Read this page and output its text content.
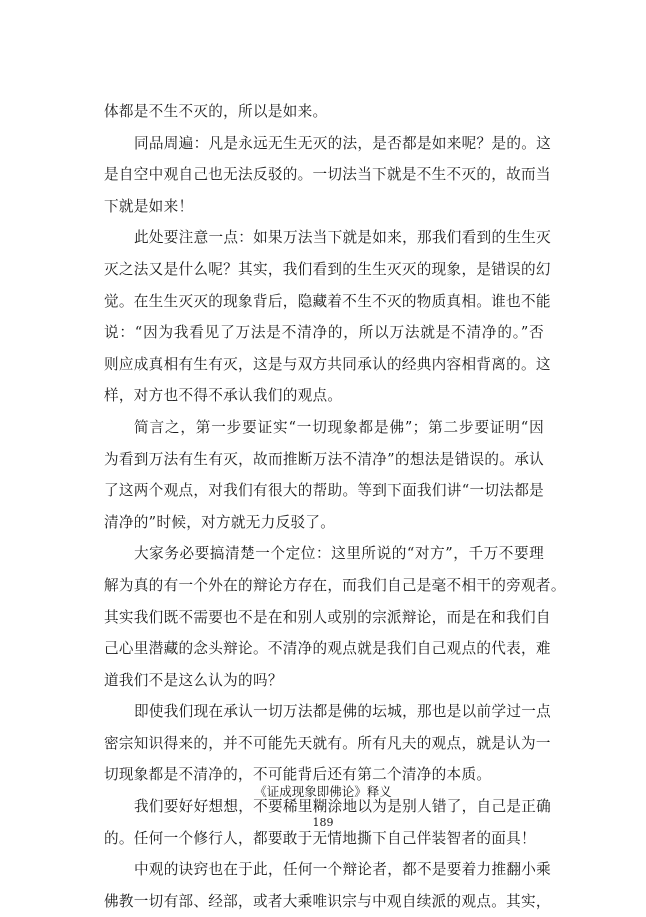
体都是不生不灭的，所以是如来。
同品周遍：凡是永远无生无灭的法，是否都是如来呢？是的。这
是自空中观自己也无法反驳的。一切法当下就是不生不灭的，故而当
下就是如来！
此处要注意一点：如果万法当下就是如来，那我们看到的生生灭
灭之法又是什么呢？其实，我们看到的生生灭灭的现象，是错误的幻
觉。在生生灭灭的现象背后，隐藏着不生不灭的物质真相。谁也不能
说：“因为我看见了万法是不清净的，所以万法就是不清净的。”否
则应成真相有生有灭，这是与双方共同承认的经典内容相背离的。这
样，对方也不得不承认我们的观点。
简言之，第一步要证实“一切现象都是佛”；第二步要证明“因
为看到万法有生有灭，故而推断万法不清净”的想法是错误的。承认
了这两个观点，对我们有很大的帮助。等到下面我们讲“一切法都是
清净的”时候，对方就无力反驳了。
大家务必要搞清楚一个定位：这里所说的“对方”，千万不要理
解为真的有一个外在的辩论方存在，而我们自己是毫不相干的旁观者。
其实我们既不需要也不是在和别人或别的宗派辩论，而是在和我们自
己心里潜藏的念头辩论。不清净的观点就是我们自己观点的代表，难
道我们不是这么认为的吗？
即使我们现在承认一切万法都是佛的坛城，那也是以前学过一点
密宗知识得来的，并不可能先天就有。所有凡夫的观点，就是认为一
切现象都是不清净的，不可能背后还有第二个清净的本质。
我们要好好想想，不要稀里糊涂地以为是别人错了，自己是正确
的。任何一个修行人，都要敢于无情地撕下自己伴装智者的面具！
中观的诀窍也在于此，任何一个辩论者，都不是要着力推翻小乘
佛教一切有部、经部，或者大乘唯识宗与中观自续派的观点。其实，
《证成现象即佛论》释义
189
